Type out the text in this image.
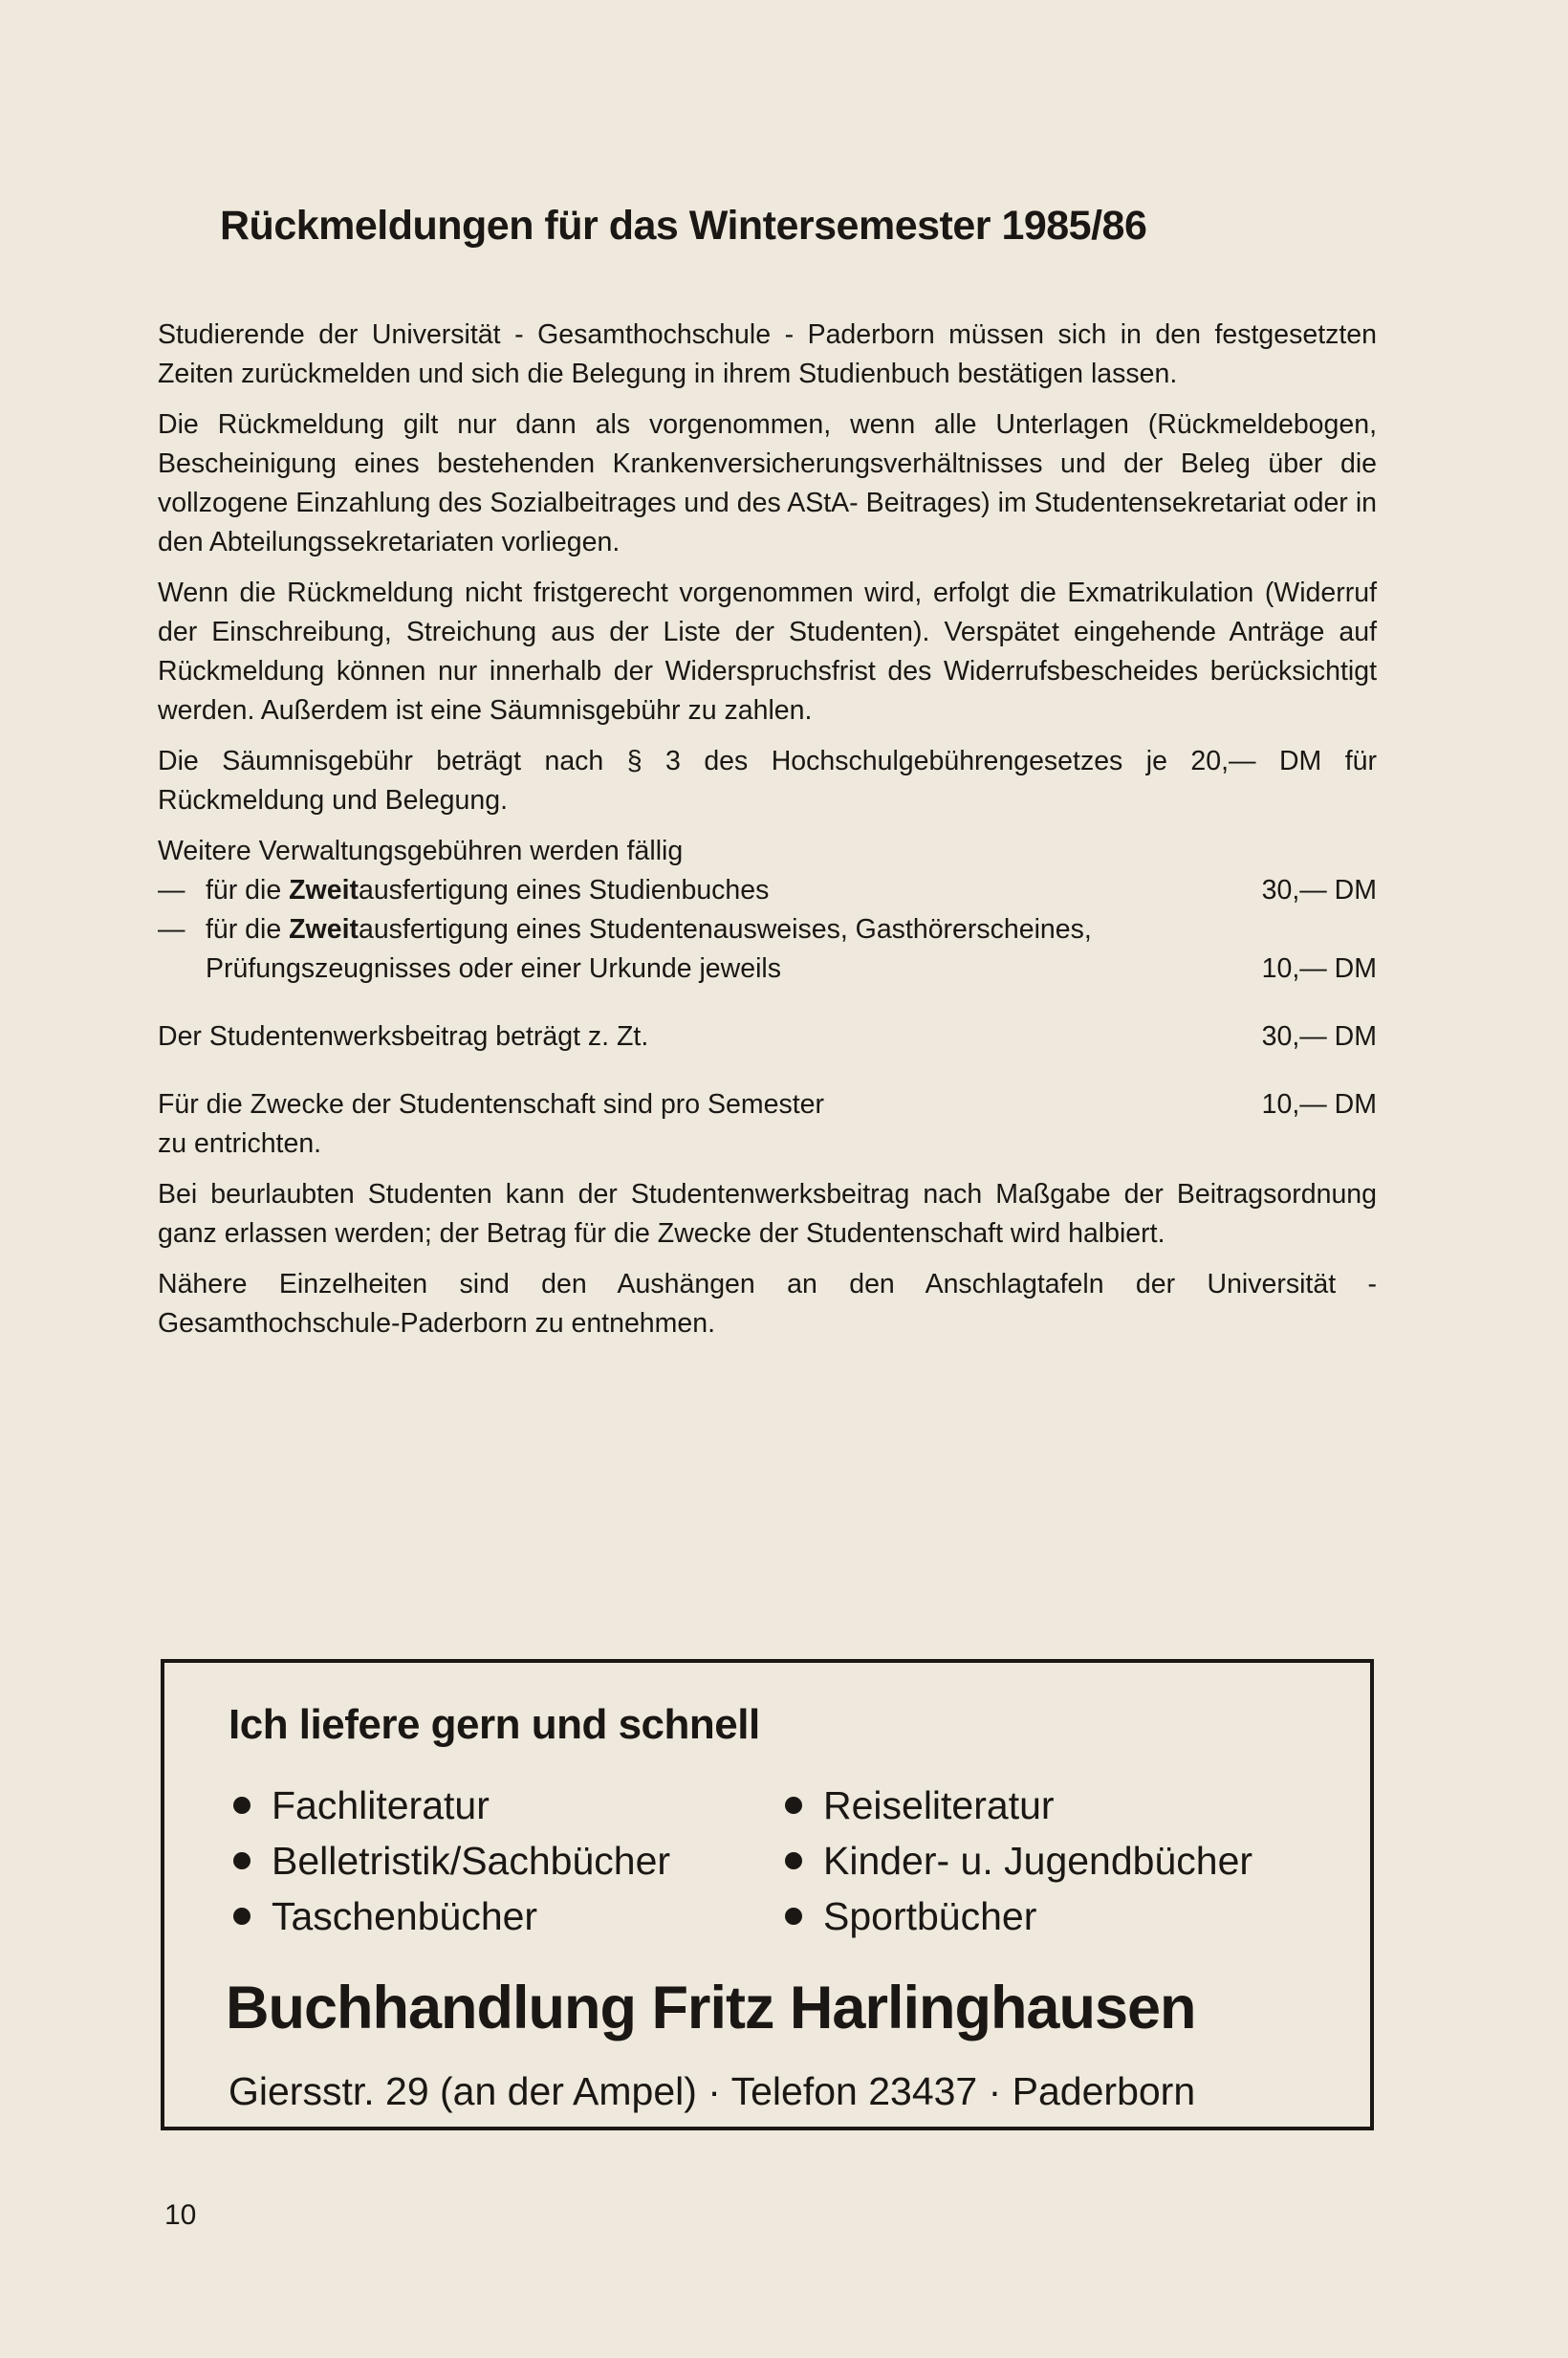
Rückmeldungen für das Wintersemester 1985/86

Studierende der Universität - Gesamthochschule - Paderborn müssen sich in den festgesetzten Zeiten zurückmelden und sich die Belegung in ihrem Studienbuch bestätigen lassen.

Die Rückmeldung gilt nur dann als vorgenommen, wenn alle Unterlagen (Rückmeldebogen, Bescheinigung eines bestehenden Krankenversicherungsverhältnisses und der Beleg über die vollzogene Einzahlung des Sozialbeitrages und des AStA- Beitrages) im Studentensekretariat oder in den Abteilungssekretariaten vorliegen.

Wenn die Rückmeldung nicht fristgerecht vorgenommen wird, erfolgt die Exmatrikulation (Widerruf der Einschreibung, Streichung aus der Liste der Studenten). Verspätet eingehende Anträge auf Rückmeldung können nur innerhalb der Widerspruchsfrist des Widerrufsbescheides berücksichtigt werden. Außerdem ist eine Säumnisgebühr zu zahlen.

Die Säumnisgebühr beträgt nach § 3 des Hochschulgebührengesetzes je 20,— DM für Rückmeldung und Belegung.

Weitere Verwaltungsgebühren werden fällig
— für die Zweitausfertigung eines Studienbuches	30,— DM
— für die Zweitausfertigung eines Studentenausweises, Gasthörerscheines, Prüfungszeugnisses oder einer Urkunde jeweils	10,— DM
Der Studentenwerksbeitrag beträgt z. Zt.	30,— DM
Für die Zwecke der Studentenschaft sind pro Semester	10,— DM
zu entrichten.

Bei beurlaubten Studenten kann der Studentenwerksbeitrag nach Maßgabe der Beitragsordnung ganz erlassen werden; der Betrag für die Zwecke der Studentenschaft wird halbiert.

Nähere Einzelheiten sind den Aushängen an den Anschlagtafeln der Universität - Gesamthochschule-Paderborn zu entnehmen.

Ich liefere gern und schnell
Fachliteratur
Belletristik/Sachbücher
Taschenbücher
Reiseliteratur
Kinder- u. Jugendbücher
Sportbücher
Buchhandlung Fritz Harlinghausen
Giersstr. 29 (an der Ampel) · Telefon 23437 · Paderborn
10
